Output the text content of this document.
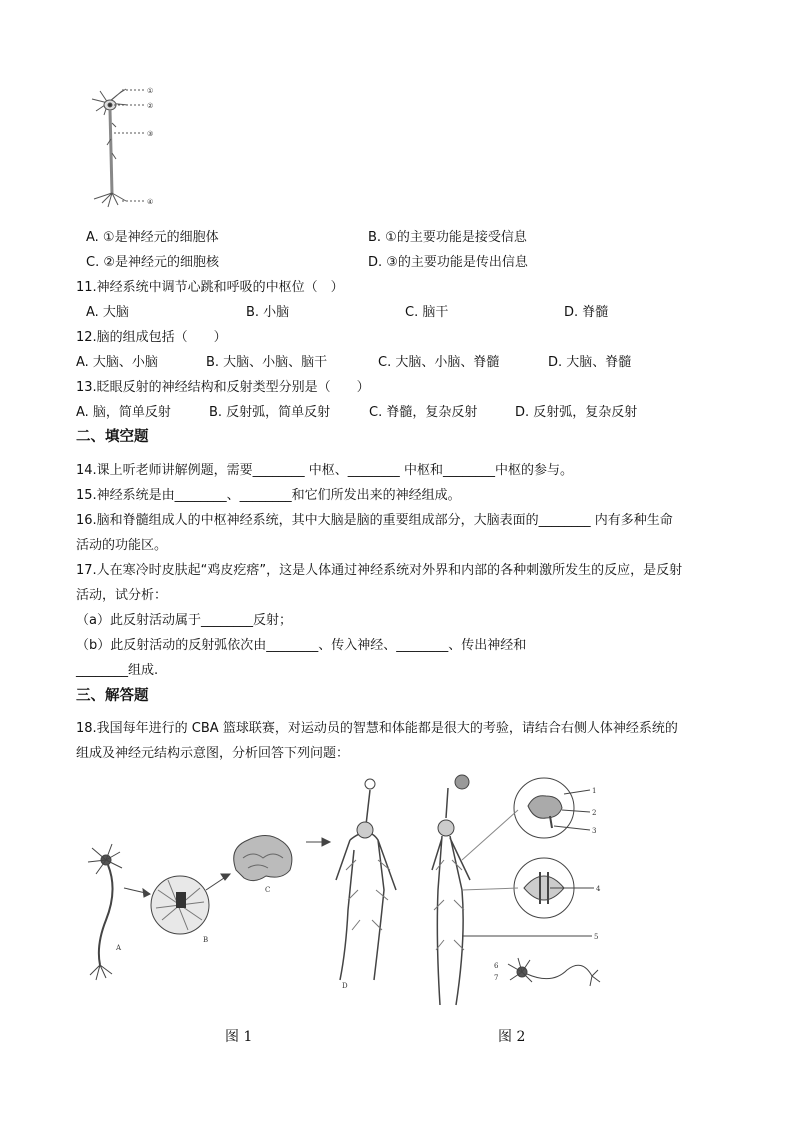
①
②
③
④
A. ①是神经元的细胞体	B. ①的主要功能是接受信息
C. ②是神经元的细胞核	D. ③的主要功能是传出信息
11.神经系统中调节心跳和呼吸的中枢位（　）
A. 大脑	B. 小脑	C. 脑干	D. 脊髓
12.脑的组成包括（　　）
A. 大脑、小脑	B. 大脑、小脑、脑干	C. 大脑、小脑、脊髓	D. 大脑、脊髓
13.眨眼反射的神经结构和反射类型分别是（　　）
A. 脑，简单反射	B. 反射弧，简单反射	C. 脊髓，复杂反射	D. 反射弧，复杂反射
二、填空题
14.课上听老师讲解例题，需要________ 中枢、________ 中枢和________中枢的参与。
15.神经系统是由________、________和它们所发出来的神经组成。
16.脑和脊髓组成人的中枢神经系统，其中大脑是脑的重要组成部分，大脑表面的________ 内有多种生命
活动的功能区。
17.人在寒冷时皮肤起“鸡皮疙瘩”，这是人体通过神经系统对外界和内部的各种刺激所发生的反应，是反射
活动，试分析：
（a）此反射活动属于________反射；
（b）此反射活动的反射弧依次由________、传入神经、________、传出神经和
________组成.
三、解答题
18.我国每年进行的 CBA 篮球联赛，对运动员的智慧和体能都是很大的考验，请结合右侧人体神经系统的
组成及神经元结构示意图，分析回答下列问题：
A
B
C
D
1
2
3
4
5
6
7
图 1	图 2
